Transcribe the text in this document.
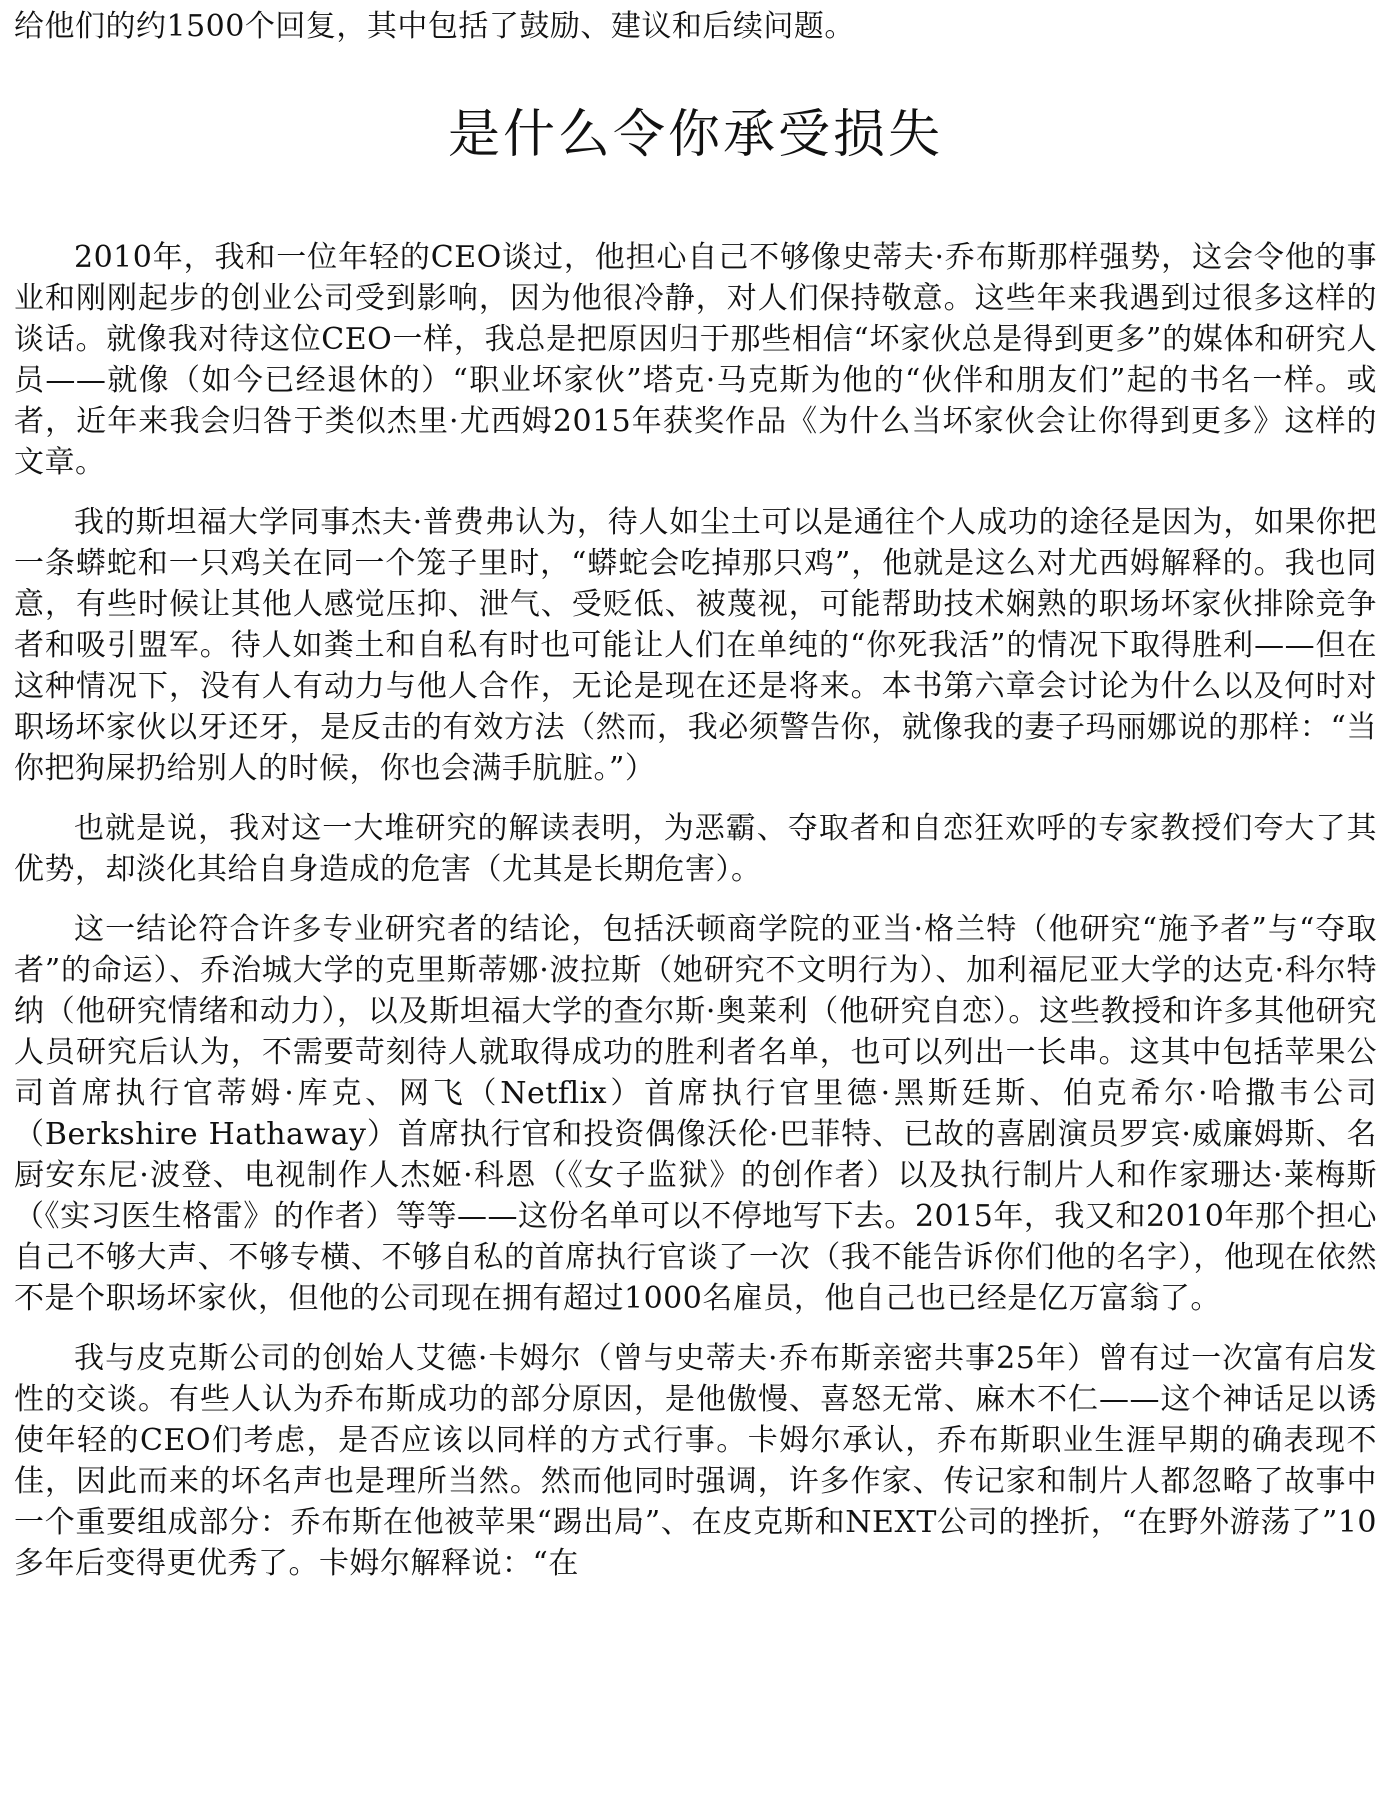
给他们的约1500个回复，其中包括了鼓励、建议和后续问题。

是什么令你承受损失

2010年，我和一位年轻的CEO谈过，他担心自己不够像史蒂夫·乔布斯那样强势，这会令他的事业和刚刚起步的创业公司受到影响，因为他很冷静，对人们保持敬意。这些年来我遇到过很多这样的谈话。就像我对待这位CEO一样，我总是把原因归于那些相信“坏家伙总是得到更多”的媒体和研究人员——就像（如今已经退休的）“职业坏家伙”塔克·马克斯为他的“伙伴和朋友们”起的书名一样。或者，近年来我会归咎于类似杰里·尤西姆2015年获奖作品《为什么当坏家伙会让你得到更多》这样的文章。

我的斯坦福大学同事杰夫·普费弗认为，待人如尘土可以是通往个人成功的途径是因为，如果你把一条蟒蛇和一只鸡关在同一个笼子里时，“蟒蛇会吃掉那只鸡”，他就是这么对尤西姆解释的。我也同意，有些时候让其他人感觉压抑、泄气、受贬低、被蔑视，可能帮助技术娴熟的职场坏家伙排除竞争者和吸引盟军。待人如粪土和自私有时也可能让人们在单纯的“你死我活”的情况下取得胜利——但在这种情况下，没有人有动力与他人合作，无论是现在还是将来。本书第六章会讨论为什么以及何时对职场坏家伙以牙还牙，是反击的有效方法（然而，我必须警告你，就像我的妻子玛丽娜说的那样：“当你把狗屎扔给别人的时候，你也会满手肮脏。”）

也就是说，我对这一大堆研究的解读表明，为恶霸、夺取者和自恋狂欢呼的专家教授们夸大了其优势，却淡化其给自身造成的危害（尤其是长期危害）。

这一结论符合许多专业研究者的结论，包括沃顿商学院的亚当·格兰特（他研究“施予者”与“夺取者”的命运）、乔治城大学的克里斯蒂娜·波拉斯（她研究不文明行为）、加利福尼亚大学的达克·科尔特纳（他研究情绪和动力），以及斯坦福大学的查尔斯·奥莱利（他研究自恋）。这些教授和许多其他研究人员研究后认为，不需要苛刻待人就取得成功的胜利者名单，也可以列出一长串。这其中包括苹果公司首席执行官蒂姆·库克、网飞（Netflix）首席执行官里德·黑斯廷斯、伯克希尔·哈撒韦公司（Berkshire Hathaway）首席执行官和投资偶像沃伦·巴菲特、已故的喜剧演员罗宾·威廉姆斯、名厨安东尼·波登、电视制作人杰姬·科恩（《女子监狱》的创作者）以及执行制片人和作家珊达·莱梅斯（《实习医生格雷》的作者）等等——这份名单可以不停地写下去。2015年，我又和2010年那个担心自己不够大声、不够专横、不够自私的首席执行官谈了一次（我不能告诉你们他的名字），他现在依然不是个职场坏家伙，但他的公司现在拥有超过1000名雇员，他自己也已经是亿万富翁了。

我与皮克斯公司的创始人艾德·卡姆尔（曾与史蒂夫·乔布斯亲密共事25年）曾有过一次富有启发性的交谈。有些人认为乔布斯成功的部分原因，是他傲慢、喜怒无常、麻木不仁——这个神话足以诱使年轻的CEO们考虑，是否应该以同样的方式行事。卡姆尔承认，乔布斯职业生涯早期的确表现不佳，因此而来的坏名声也是理所当然。然而他同时强调，许多作家、传记家和制片人都忽略了故事中一个重要组成部分：乔布斯在他被苹果“踢出局”、在皮克斯和NEXT公司的挫折，“在野外游荡了”10多年后变得更优秀了。卡姆尔解释说：“在
